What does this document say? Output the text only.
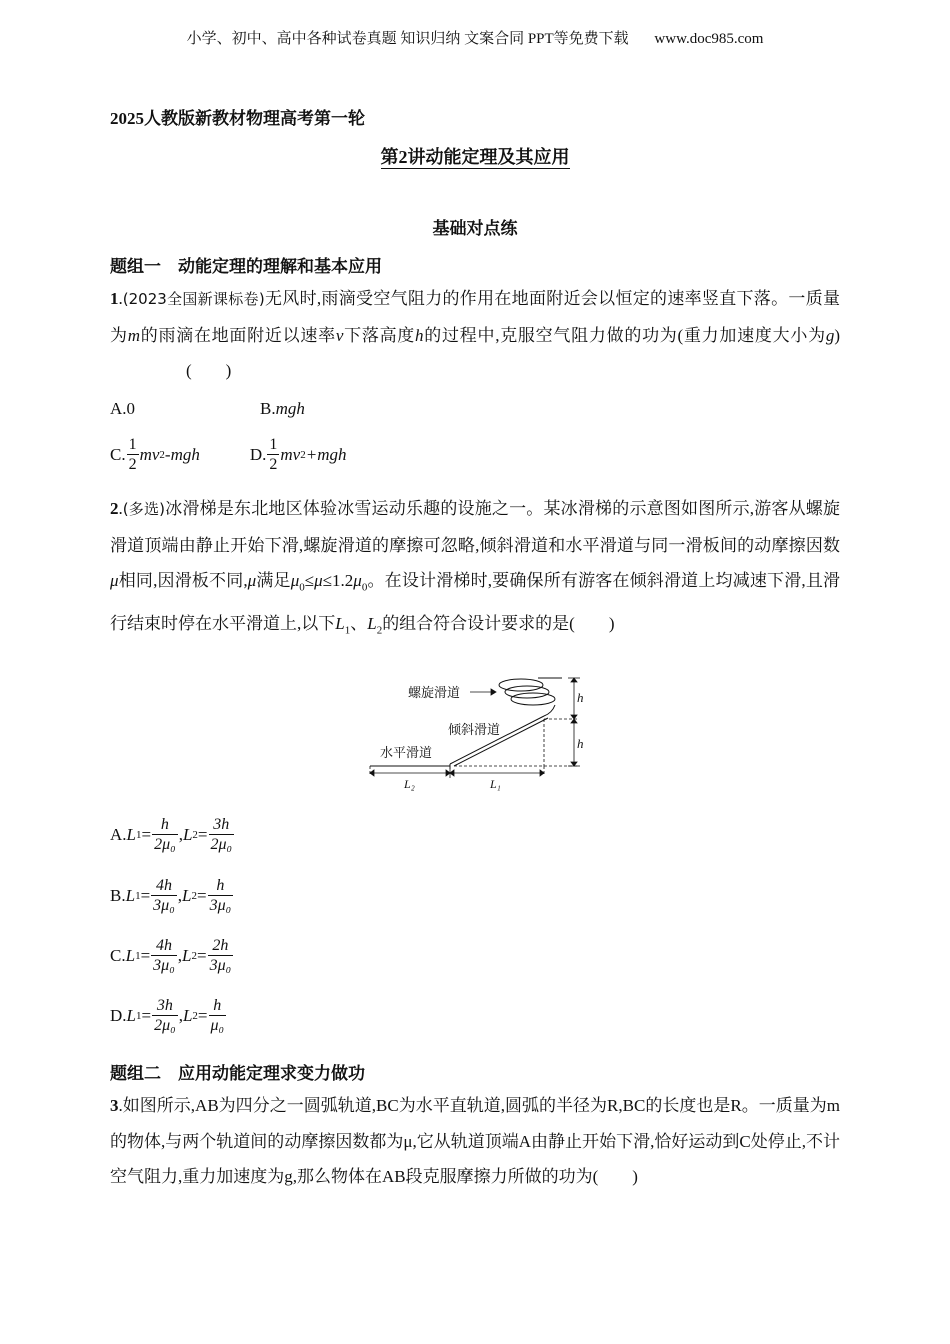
小学、初中、高中各种试卷真题 知识归纳 文案合同 PPT等免费下载 www.doc985.com
2025人教版新教材物理高考第一轮
第2讲动能定理及其应用
基础对点练
题组一　动能定理的理解和基本应用
1.(2023全国新课标卷)无风时,雨滴受空气阻力的作用在地面附近会以恒定的速率竖直下落。一质量为m的雨滴在地面附近以速率v下落高度h的过程中,克服空气阻力做的功为(重力加速度大小为g)(　　)
A.0	B.mgh
C. $\frac{1}{2}$ mv 2 -mgh	D. $\frac{1}{2}$ mv 2 +mgh
2.(多选)冰滑梯是东北地区体验冰雪运动乐趣的设施之一。某冰滑梯的示意图如图所示,游客从螺旋滑道顶端由静止开始下滑,螺旋滑道的摩擦可忽略,倾斜滑道和水平滑道与同一滑板间的动摩擦因数μ相同,因滑板不同,μ满足$\mu_0\le\mu\le 1.2\mu_0$。在设计滑梯时,要确保所有游客在倾斜滑道上均减速下滑,且滑行结束时停在水平滑道上,以下$L_1$、$L_2$的组合符合设计要求的是(　　)
螺旋滑道
倾斜滑道
水平滑道
h
h
L₂	L₁
A. L $1 = \frac{h}{\text{2μ₀}}$ , L $2 = \frac{3h}{\text{2μ₀}}$
B. L $1 = \frac{4h}{\text{3μ₀}}$ , L $2 = \frac{h}{\text{3μ₀}}$
C. L $1 = \frac{4h}{\text{3μ₀}}$ , L $2 = \frac{2h}{\text{3μ₀}}$
D. L $1 = \frac{3h}{\text{2μ₀}}$ , L $2 = \frac{h}{\text{μ₀}}$
题组二　应用动能定理求变力做功
3.如图所示,AB为四分之一圆弧轨道,BC为水平直轨道,圆弧的半径为R,BC的长度也是R。一质量为m的物体,与两个轨道间的动摩擦因数都为μ,它从轨道顶端A由静止开始下滑,恰好运动到C处停止,不计空气阻力,重力加速度为g,那么物体在AB段克服摩擦力所做的功为(　　)
